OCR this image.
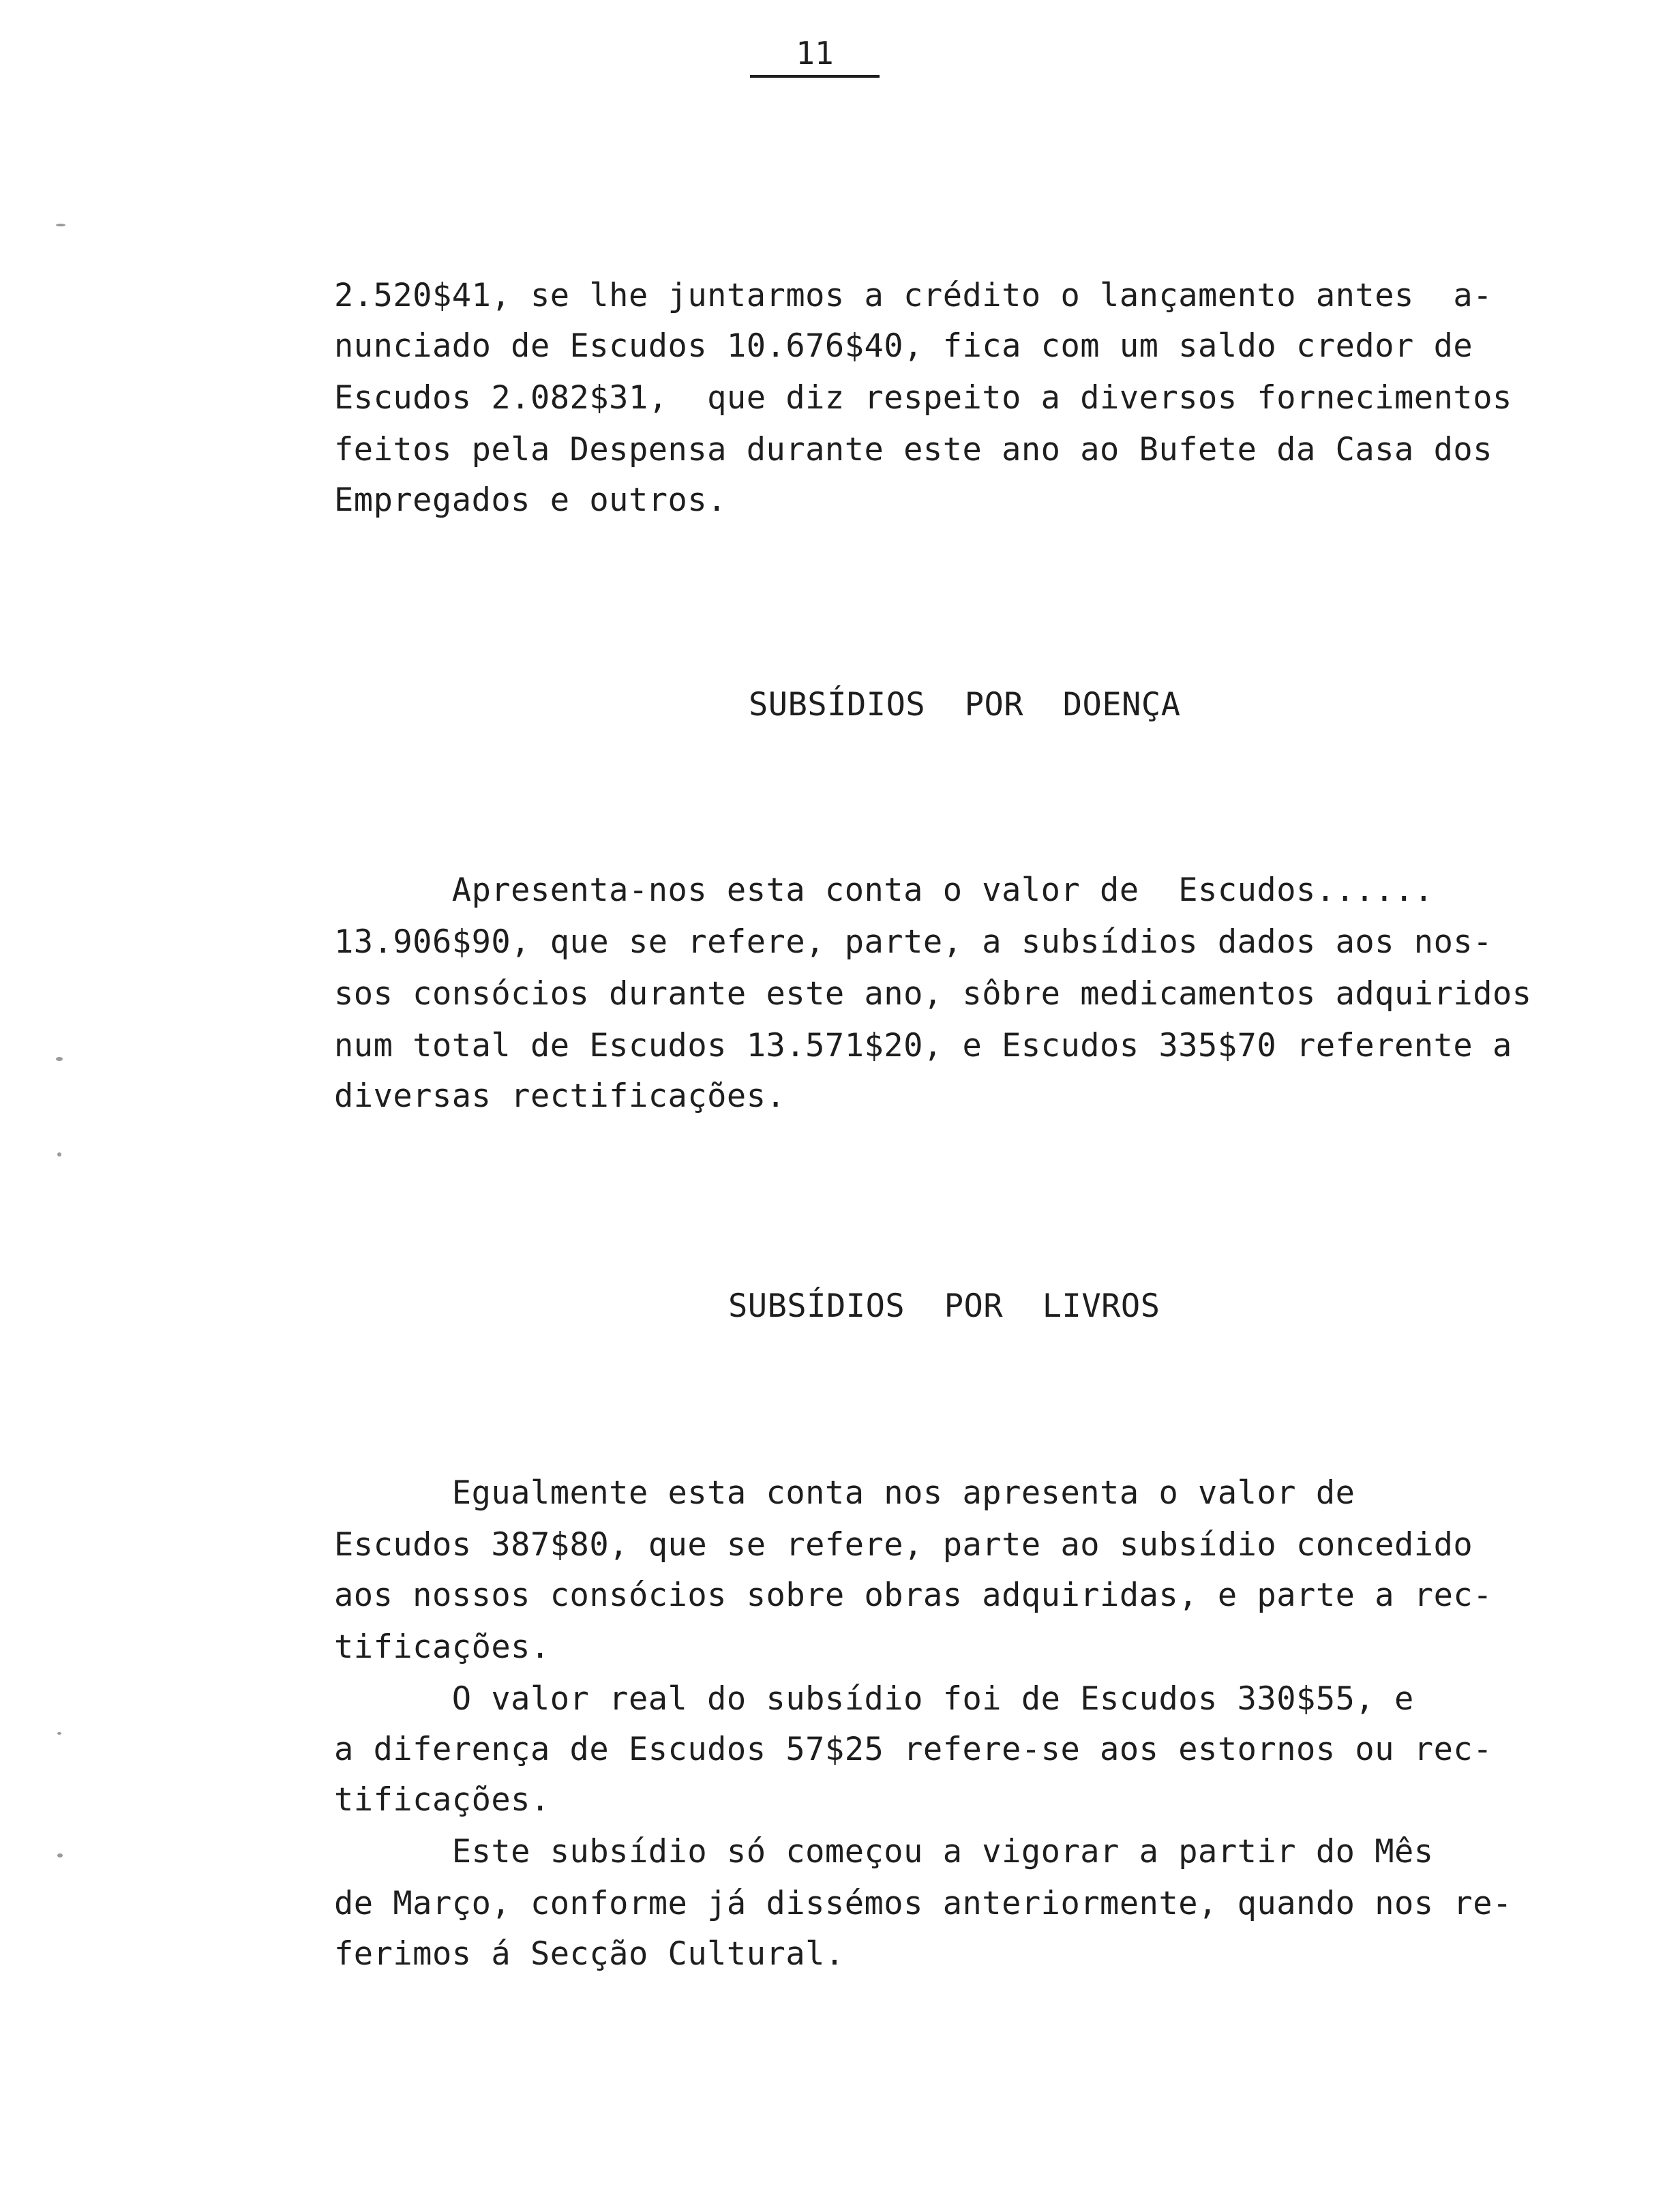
11
2.520$41, se lhe juntarmos a crédito o lançamento antes  a-
nunciado de Escudos 10.676$40, fica com um saldo credor de
Escudos 2.082$31,  que diz respeito a diversos fornecimentos
feitos pela Despensa durante este ano ao Bufete da Casa dos
Empregados e outros.
SUBSÍDIOS  POR  DOENÇA
Apresenta-nos esta conta o valor de  Escudos......
13.906$90, que se refere, parte, a subsídios dados aos nos-
sos consócios durante este ano, sôbre medicamentos adquiridos
num total de Escudos 13.571$20, e Escudos 335$70 referente a
diversas rectificações.
SUBSÍDIOS  POR  LIVROS
Egualmente esta conta nos apresenta o valor de
Escudos 387$80, que se refere, parte ao subsídio concedido
aos nossos consócios sobre obras adquiridas, e parte a rec-
tificações.
O valor real do subsídio foi de Escudos 330$55, e
a diferença de Escudos 57$25 refere-se aos estornos ou rec-
tificações.
Este subsídio só começou a vigorar a partir do Mês
de Março, conforme já dissémos anteriormente, quando nos re-
ferimos á Secção Cultural.
